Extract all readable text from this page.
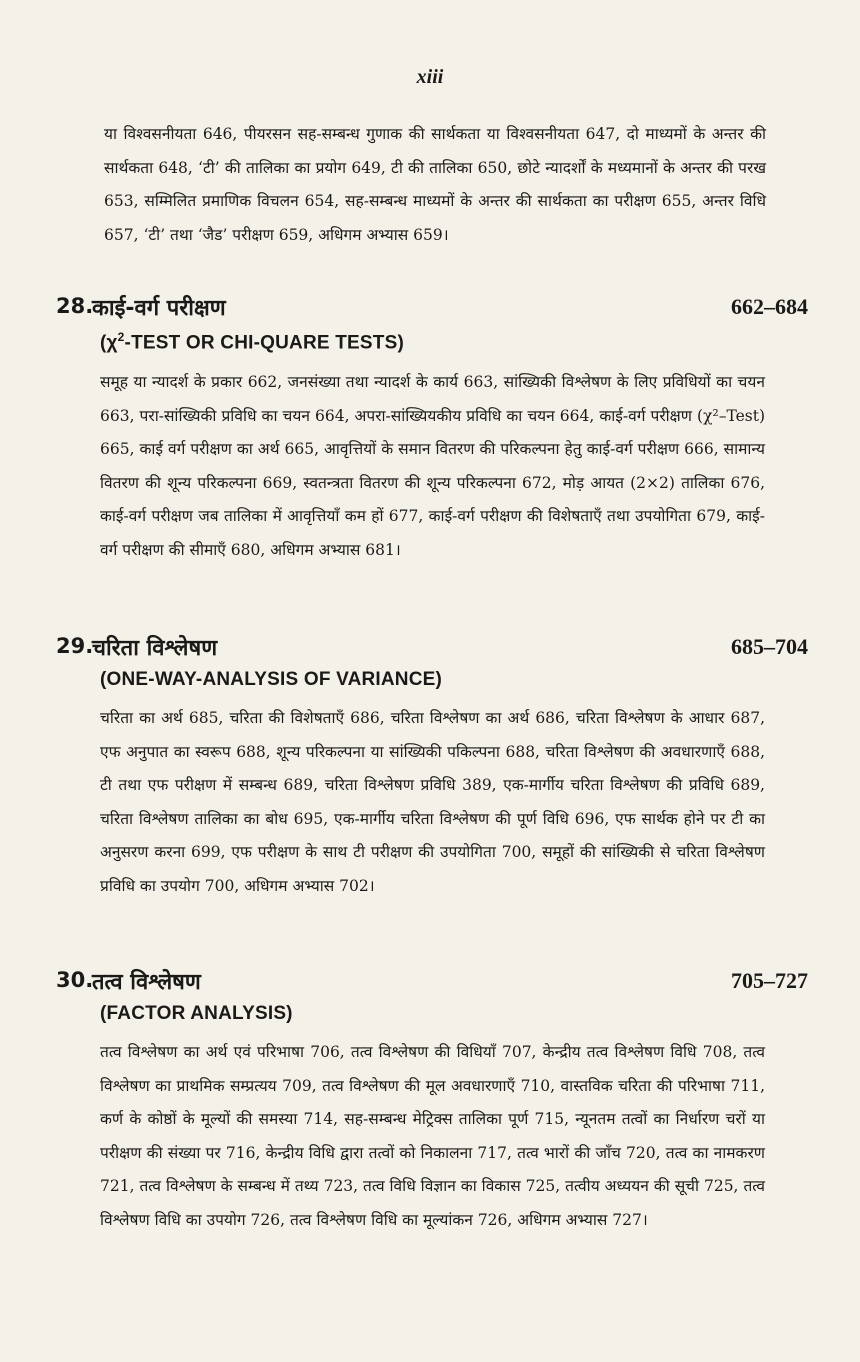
xiii

या विश्वसनीयता 646, पीयरसन सह-सम्बन्ध गुणाक की सार्थकता या विश्वसनीयता 647, दो माध्यमों के अन्तर की सार्थकता 648, ‘टी’ की तालिका का प्रयोग 649, टी की तालिका 650, छोटे न्यादर्शों के मध्यमानों के अन्तर की परख 653, सम्मिलित प्रमाणिक विचलन 654, सह-सम्बन्ध माध्यमों के अन्तर की सार्थकता का परीक्षण 655, अन्तर विधि 657, ‘टी’ तथा ‘जैड’ परीक्षण 659, अधिगम अभ्यास 659।

28.
काई-वर्ग परीक्षण	662–684
($\chi^2$-TEST OR CHI-QUARE TESTS)

समूह या न्यादर्श के प्रकार 662, जनसंख्या तथा न्यादर्श के कार्य 663, सांख्यिकी विश्लेषण के लिए प्रविधियों का चयन 663, परा-सांख्यिकी प्रविधि का चयन 664, अपरा-सांख्यियकीय प्रविधि का चयन 664, काई-वर्ग परीक्षण (χ²–Test) 665, काई वर्ग परीक्षण का अर्थ 665, आवृत्तियों के समान वितरण की परिकल्पना हेतु काई-वर्ग परीक्षण 666, सामान्य वितरण की शून्य परिकल्पना 669, स्वतन्त्रता वितरण की शून्य परिकल्पना 672, मोड़ आयत (2×2) तालिका 676, काई-वर्ग परीक्षण जब तालिका में आवृत्तियाँ कम हों 677, काई-वर्ग परीक्षण की विशेषताएँ तथा उपयोगिता 679, काई-वर्ग परीक्षण की सीमाएँ 680, अधिगम अभ्यास 681।

29.
चरिता विश्लेषण	685–704
(ONE-WAY-ANALYSIS OF VARIANCE)

चरिता का अर्थ 685, चरिता की विशेषताएँ 686, चरिता विश्लेषण का अर्थ 686, चरिता विश्लेषण के आधार 687, एफ अनुपात का स्वरूप 688, शून्य परिकल्पना या सांख्यिकी पकिल्पना 688, चरिता विश्लेषण की अवधारणाएँ 688, टी तथा एफ परीक्षण में सम्बन्ध 689, चरिता विश्लेषण प्रविधि 389, एक-मार्गीय चरिता विश्लेषण की प्रविधि 689, चरिता विश्लेषण तालिका का बोध 695, एक-मार्गीय चरिता विश्लेषण की पूर्ण विधि 696, एफ सार्थक होने पर टी का अनुसरण करना 699, एफ परीक्षण के साथ टी परीक्षण की उपयोगिता 700, समूहों की सांख्यिकी से चरिता विश्लेषण प्रविधि का उपयोग 700, अधिगम अभ्यास 702।

30.
तत्व विश्लेषण	705–727
(FACTOR ANALYSIS)

तत्व विश्लेषण का अर्थ एवं परिभाषा 706, तत्व विश्लेषण की विधियाँ 707, केन्द्रीय तत्व विश्लेषण विधि 708, तत्व विश्लेषण का प्राथमिक सम्प्रत्यय 709, तत्व विश्लेषण की मूल अवधारणाएँ 710, वास्तविक चरिता की परिभाषा 711, कर्ण के कोष्ठों के मूल्यों की समस्या 714, सह-सम्बन्ध मेट्रिक्स तालिका पूर्ण 715, न्यूनतम तत्वों का निर्धारण चरों या परीक्षण की संख्या पर 716, केन्द्रीय विधि द्वारा तत्वों को निकालना 717, तत्व भारों की जाँच 720, तत्व का नामकरण 721, तत्व विश्लेषण के सम्बन्ध में तथ्य 723, तत्व विधि विज्ञान का विकास 725, तत्वीय अध्ययन की सूची 725, तत्व विश्लेषण विधि का उपयोग 726, तत्व विश्लेषण विधि का मूल्यांकन 726, अधिगम अभ्यास 727।
